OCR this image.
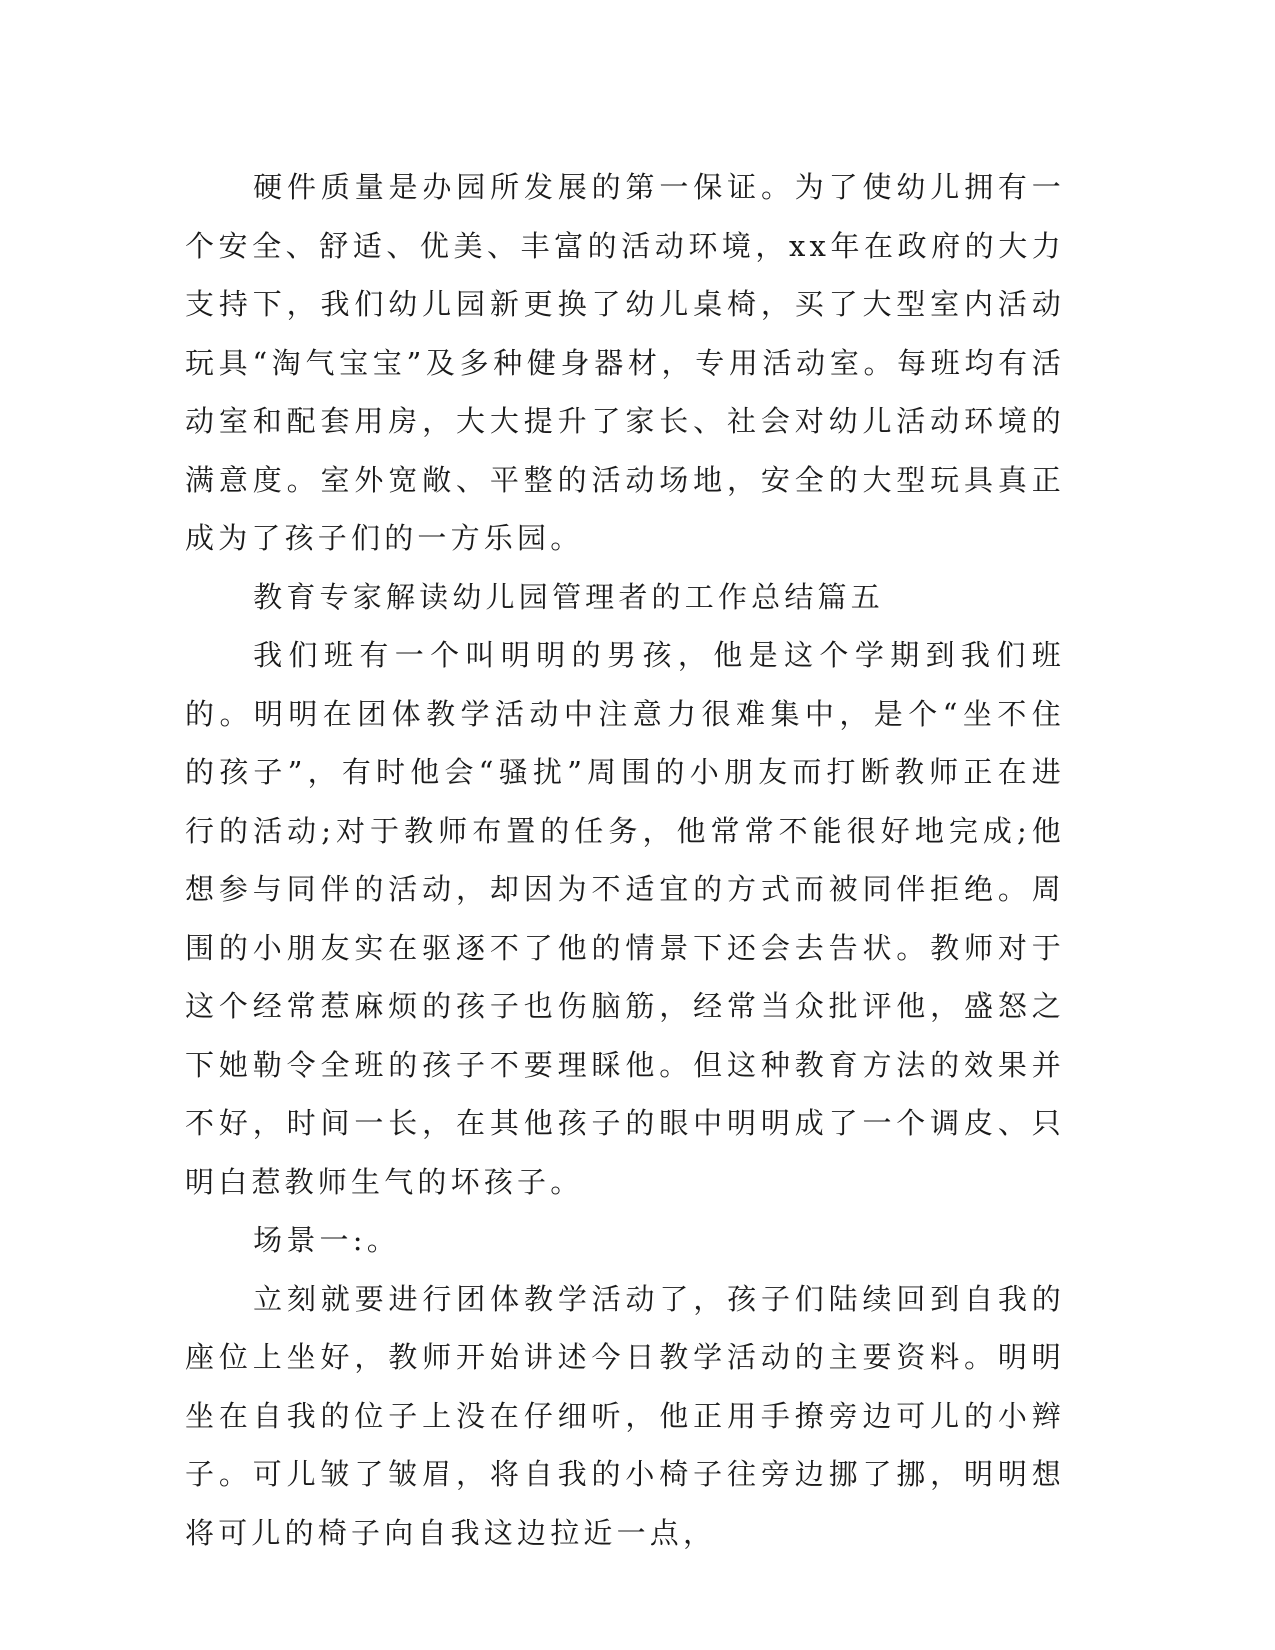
硬件质量是办园所发展的第一保证。为了使幼儿拥有一个安全、舒适、优美、丰富的活动环境，xx年在政府的大力支持下，我们幼儿园新更换了幼儿桌椅，买了大型室内活动玩具“淘气宝宝”及多种健身器材，专用活动室。每班均有活动室和配套用房，大大提升了家长、社会对幼儿活动环境的满意度。室外宽敞、平整的活动场地，安全的大型玩具真正成为了孩子们的一方乐园。

教育专家解读幼儿园管理者的工作总结篇五

我们班有一个叫明明的男孩，他是这个学期到我们班的。明明在团体教学活动中注意力很难集中，是个“坐不住的孩子”，有时他会“骚扰”周围的小朋友而打断教师正在进行的活动;对于教师布置的任务，他常常不能很好地完成;他想参与同伴的活动，却因为不适宜的方式而被同伴拒绝。周围的小朋友实在驱逐不了他的情景下还会去告状。教师对于这个经常惹麻烦的孩子也伤脑筋，经常当众批评他，盛怒之下她勒令全班的孩子不要理睬他。但这种教育方法的效果并不好，时间一长，在其他孩子的眼中明明成了一个调皮、只明白惹教师生气的坏孩子。

场景一:。

立刻就要进行团体教学活动了，孩子们陆续回到自我的座位上坐好，教师开始讲述今日教学活动的主要资料。明明坐在自我的位子上没在仔细听，他正用手撩旁边可儿的小辫子。可儿皱了皱眉，将自我的小椅子往旁边挪了挪，明明想将可儿的椅子向自我这边拉近一点，
